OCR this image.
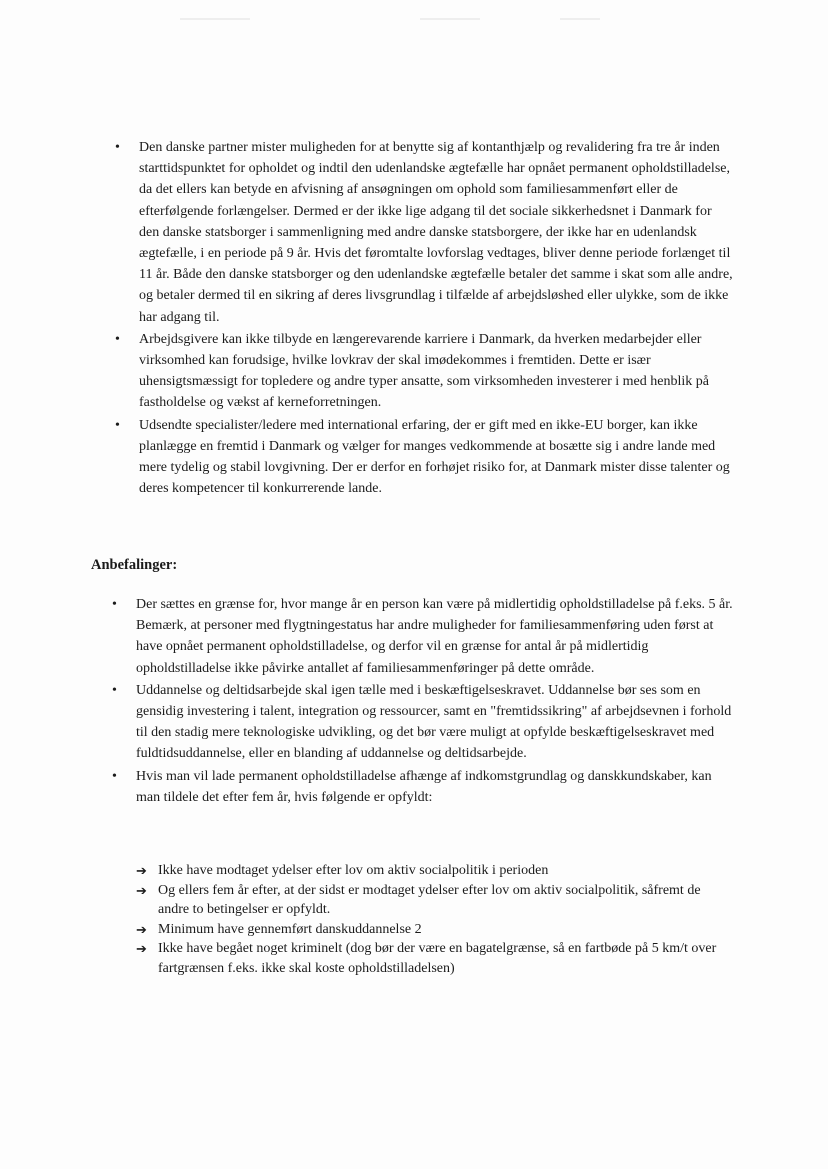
• Den danske partner mister muligheden for at benytte sig af kontanthjælp og revalidering fra tre år inden starttidspunktet for opholdet og indtil den udenlandske ægtefælle har opnået permanent opholdstilladelse, da det ellers kan betyde en afvisning af ansøgningen om ophold som familiesammenført eller de efterfølgende forlængelser. Dermed er der ikke lige adgang til det sociale sikkerhedsnet i Danmark for den danske statsborger i sammenligning med andre danske statsborgere, der ikke har en udenlandsk ægtefælle, i en periode på 9 år. Hvis det føromtalte lovforslag vedtages, bliver denne periode forlænget til 11 år. Både den danske statsborger og den udenlandske ægtefælle betaler det samme i skat som alle andre, og betaler dermed til en sikring af deres livsgrundlag i tilfælde af arbejdsløshed eller ulykke, som de ikke har adgang til.
• Arbejdsgivere kan ikke tilbyde en længerevarende karriere i Danmark, da hverken medarbejder eller virksomhed kan forudsige, hvilke lovkrav der skal imødekommes i fremtiden. Dette er især uhensigtsmæssigt for topledere og andre typer ansatte, som virksomheden investerer i med henblik på fastholdelse og vækst af kerneforretningen.
• Udsendte specialister/ledere med international erfaring, der er gift med en ikke-EU borger, kan ikke planlægge en fremtid i Danmark og vælger for manges vedkommende at bosætte sig i andre lande med mere tydelig og stabil lovgivning. Der er derfor en forhøjet risiko for, at Danmark mister disse talenter og deres kompetencer til konkurrerende lande.
Anbefalinger:
• Der sættes en grænse for, hvor mange år en person kan være på midlertidig opholdstilladelse på f.eks. 5 år. Bemærk, at personer med flygtningestatus har andre muligheder for familiesammenføring uden først at have opnået permanent opholdstilladelse, og derfor vil en grænse for antal år på midlertidig opholdstilladelse ikke påvirke antallet af familiesammenføringer på dette område.
• Uddannelse og deltidsarbejde skal igen tælle med i beskæftigelseskravet. Uddannelse bør ses som en gensidig investering i talent, integration og ressourcer, samt en "fremtidssikring" af arbejdsevnen i forhold til den stadig mere teknologiske udvikling, og det bør være muligt at opfylde beskæftigelseskravet med fuldtidsuddannelse, eller en blanding af uddannelse og deltidsarbejde.
• Hvis man vil lade permanent opholdstilladelse afhænge af indkomstgrundlag og danskkundskaber, kan man tildele det efter fem år, hvis følgende er opfyldt:
➔ Ikke have modtaget ydelser efter lov om aktiv socialpolitik i perioden
➔ Og ellers fem år efter, at der sidst er modtaget ydelser efter lov om aktiv socialpolitik, såfremt de andre to betingelser er opfyldt.
➔ Minimum have gennemført danskuddannelse 2
➔ Ikke have begået noget kriminelt (dog bør der være en bagatelgrænse, så en fartbøde på 5 km/t over fartgrænsen f.eks. ikke skal koste opholdstilladelsen)
